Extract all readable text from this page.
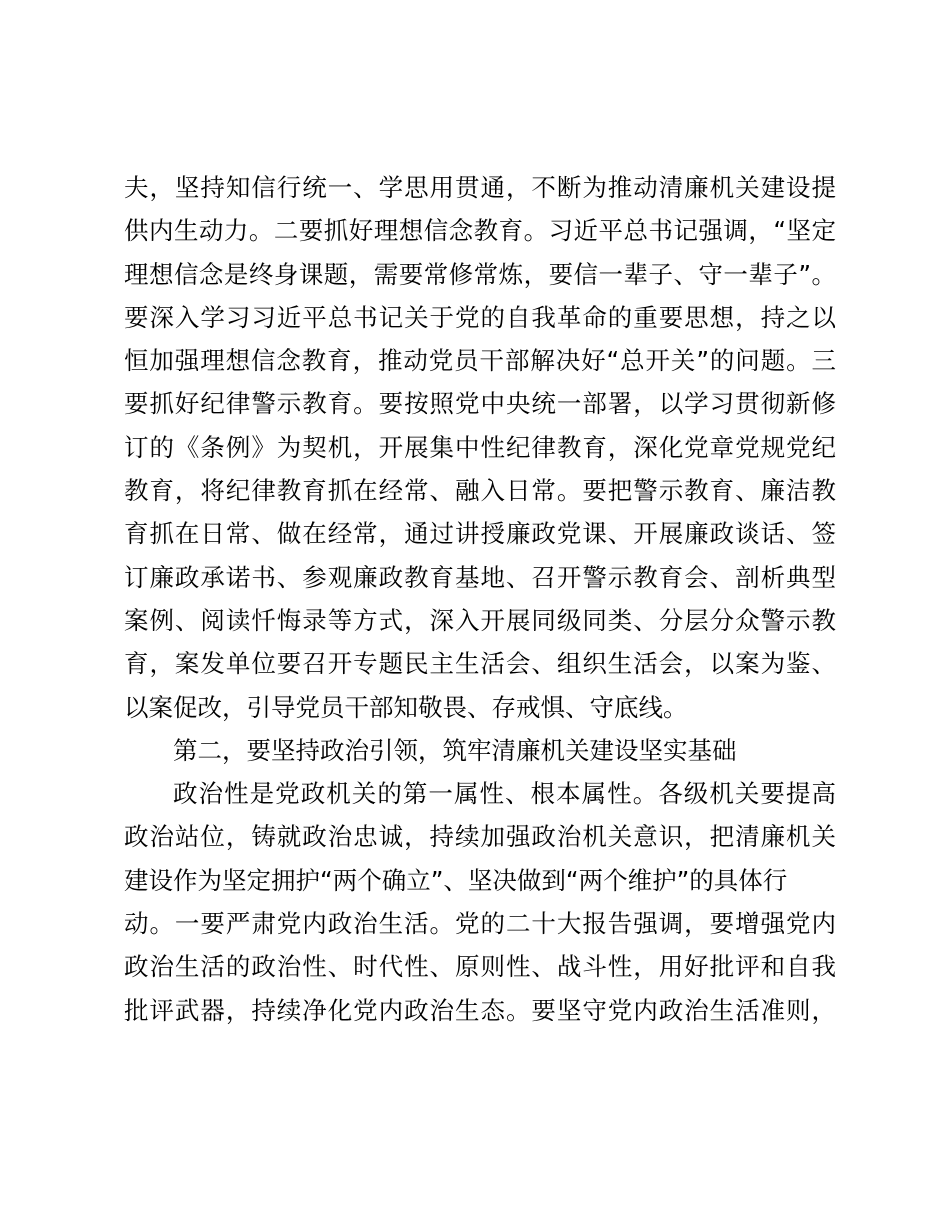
夫，坚持知信行统一、学思用贯通，不断为推动清廉机关建设提
供内生动力。二要抓好理想信念教育。习近平总书记强调，“坚定
理想信念是终身课题，需要常修常炼，要信一辈子、守一辈子”。
要深入学习习近平总书记关于党的自我革命的重要思想，持之以
恒加强理想信念教育，推动党员干部解决好“总开关”的问题。三
要抓好纪律警示教育。要按照党中央统一部署，以学习贯彻新修
订的《条例》为契机，开展集中性纪律教育，深化党章党规党纪
教育，将纪律教育抓在经常、融入日常。要把警示教育、廉洁教
育抓在日常、做在经常，通过讲授廉政党课、开展廉政谈话、签
订廉政承诺书、参观廉政教育基地、召开警示教育会、剖析典型
案例、阅读忏悔录等方式，深入开展同级同类、分层分众警示教
育，案发单位要召开专题民主生活会、组织生活会，以案为鉴、
以案促改，引导党员干部知敬畏、存戒惧、守底线。
第二，要坚持政治引领，筑牢清廉机关建设坚实基础
政治性是党政机关的第一属性、根本属性。各级机关要提高
政治站位，铸就政治忠诚，持续加强政治机关意识，把清廉机关
建设作为坚定拥护“两个确立”、坚决做到“两个维护”的具体行
动。一要严肃党内政治生活。党的二十大报告强调，要增强党内
政治生活的政治性、时代性、原则性、战斗性，用好批评和自我
批评武器，持续净化党内政治生态。要坚守党内政治生活准则，
